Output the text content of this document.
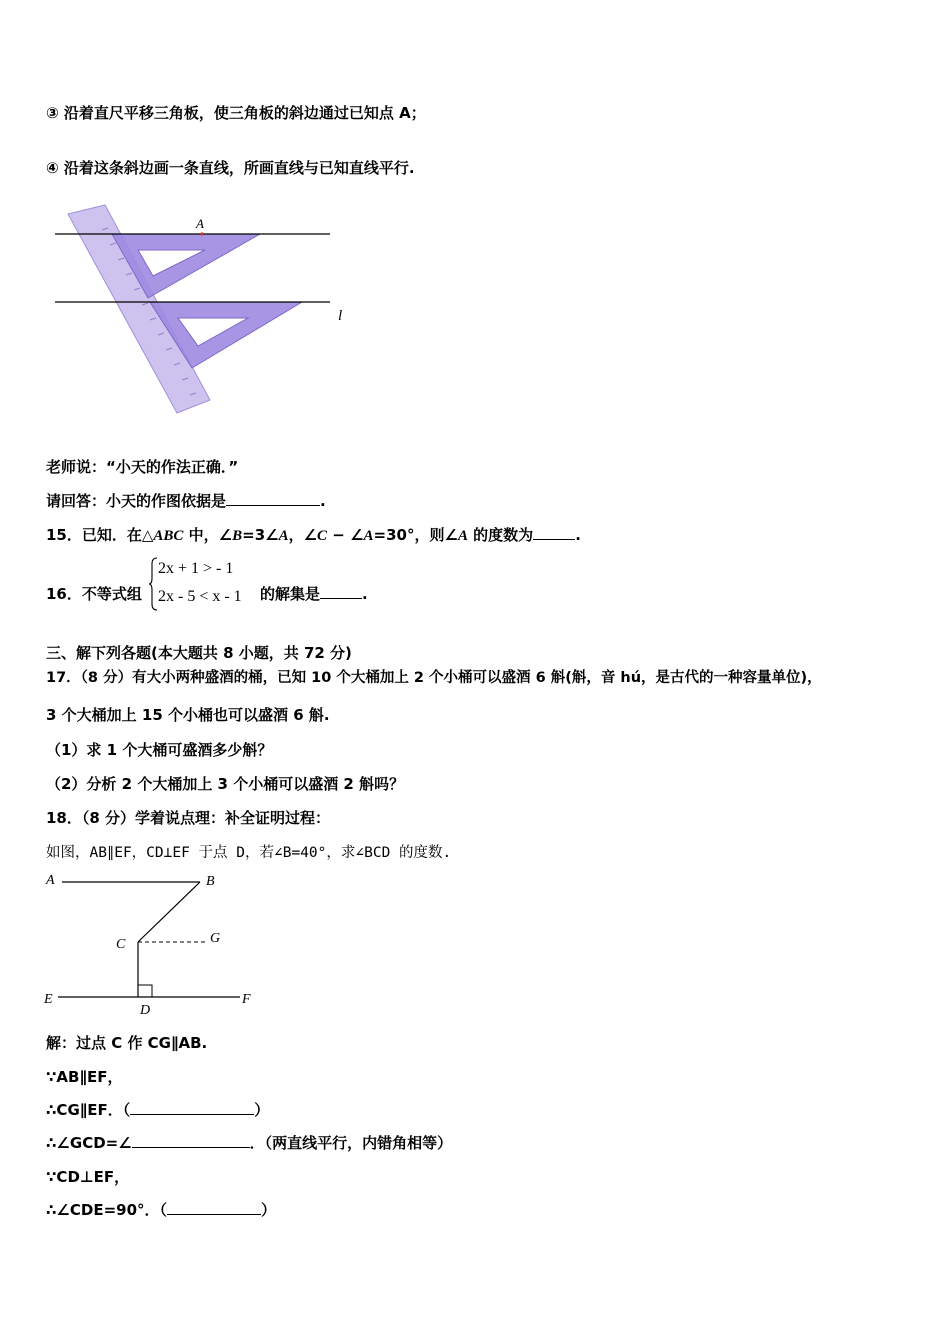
③ 沿着直尺平移三角板，使三角板的斜边通过已知点 A；
④ 沿着这条斜边画一条直线，所画直线与已知直线平行.
A
l
老师说：“小天的作法正确．”
请回答：小天的作图依据是	.
15．已知．在△ABC 中，∠B=3∠A，∠C − ∠A=30°，则∠A 的度数为	.
16．不等式组
2x + 1 > - 1
2x - 5 < x - 1 的解集是	.
三、解下列各题(本大题共 8 小题，共 72 分)
17．（8 分）有大小两种盛酒的桶，已知 10 个大桶加上 2 个小桶可以盛酒 6 斛(斛，音 hú，是古代的一种容量单位)，
3 个大桶加上 15 个小桶也可以盛酒 6 斛.
（1）求 1 个大桶可盛酒多少斛？
（2）分析 2 个大桶加上 3 个小桶可以盛酒 2 斛吗？
18．（8 分）学着说点理：补全证明过程：
如图，AB∥EF，CD⊥EF 于点 D，若∠B=40°，求∠BCD 的度数.
A	B
C	G
E
D
F
解：过点 C 作 CG∥AB.
∵AB∥EF，
∴CG∥EF．（	）
∴∠GCD=∠	．（两直线平行，内错角相等）
∵CD⊥EF，
∴∠CDE=90°．（	）
